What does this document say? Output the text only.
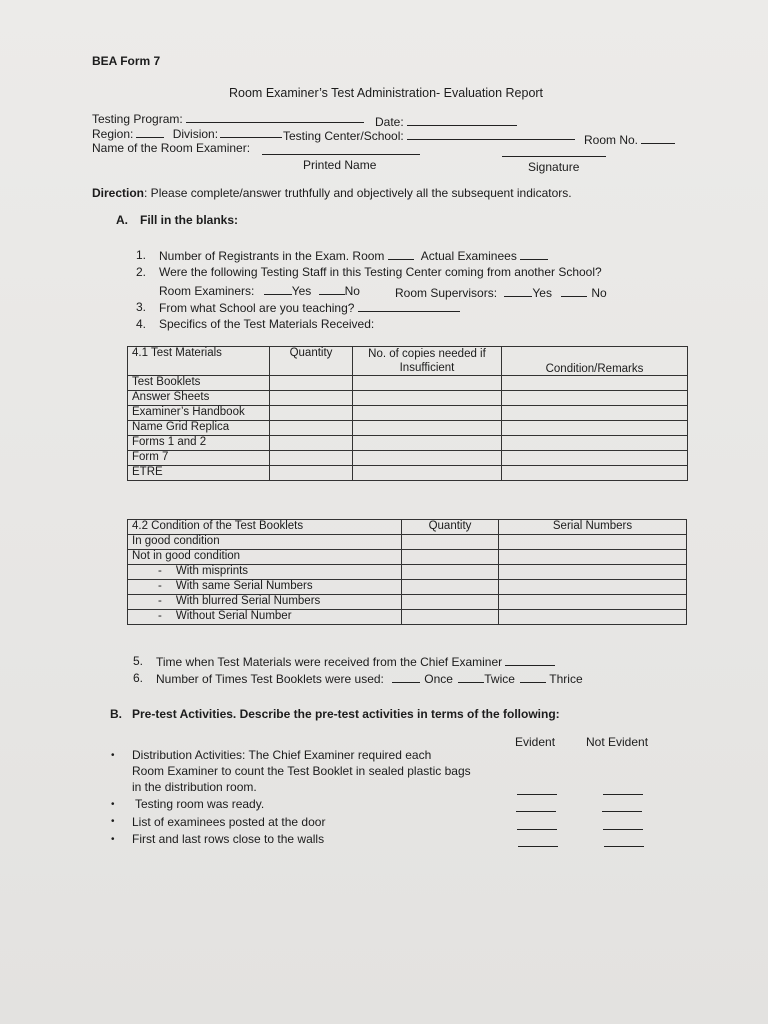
BEA Form 7
Room Examiner’s Test Administration- Evaluation Report
Testing Program:	Date:
Region:	Division:	Testing Center/School:	Room No.
Name of the Room Examiner:
Printed Name	Signature
Direction: Please complete/answer truthfully and objectively all the subsequent indicators.
A. Fill in the blanks:
1. Number of Registrants in the Exam. Room	Actual Examinees
2. Were the following Testing Staff in this Testing Center coming from another School?
Room Examiners:	Yes	No	Room Supervisors:	Yes	No
3. From what School are you teaching?
4. Specifics of the Test Materials Received:
4.1 Test Materials	Quantity	No. of copies needed if Insufficient	Condition/Remarks
Test Booklets			
Answer Sheets			
Examiner’s Handbook			
Name Grid Replica			
Forms 1 and 2			
Form 7			
ETRE			
4.2 Condition of the Test Booklets	Quantity	Serial Numbers
In good condition		
Not in good condition		
- With misprints		
- With same Serial Numbers		
- With blurred Serial Numbers		
- Without Serial Number		
5. Time when Test Materials were received from the Chief Examiner
6. Number of Times Test Booklets were used:	Once	Twice	Thrice
B. Pre-test Activities. Describe the pre-test activities in terms of the following:
Evident	Not Evident
• Distribution Activities: The Chief Examiner required each
Room Examiner to count the Test Booklet in sealed plastic bags
in the distribution room.
• Testing room was ready.
• List of examinees posted at the door
• First and last rows close to the walls
